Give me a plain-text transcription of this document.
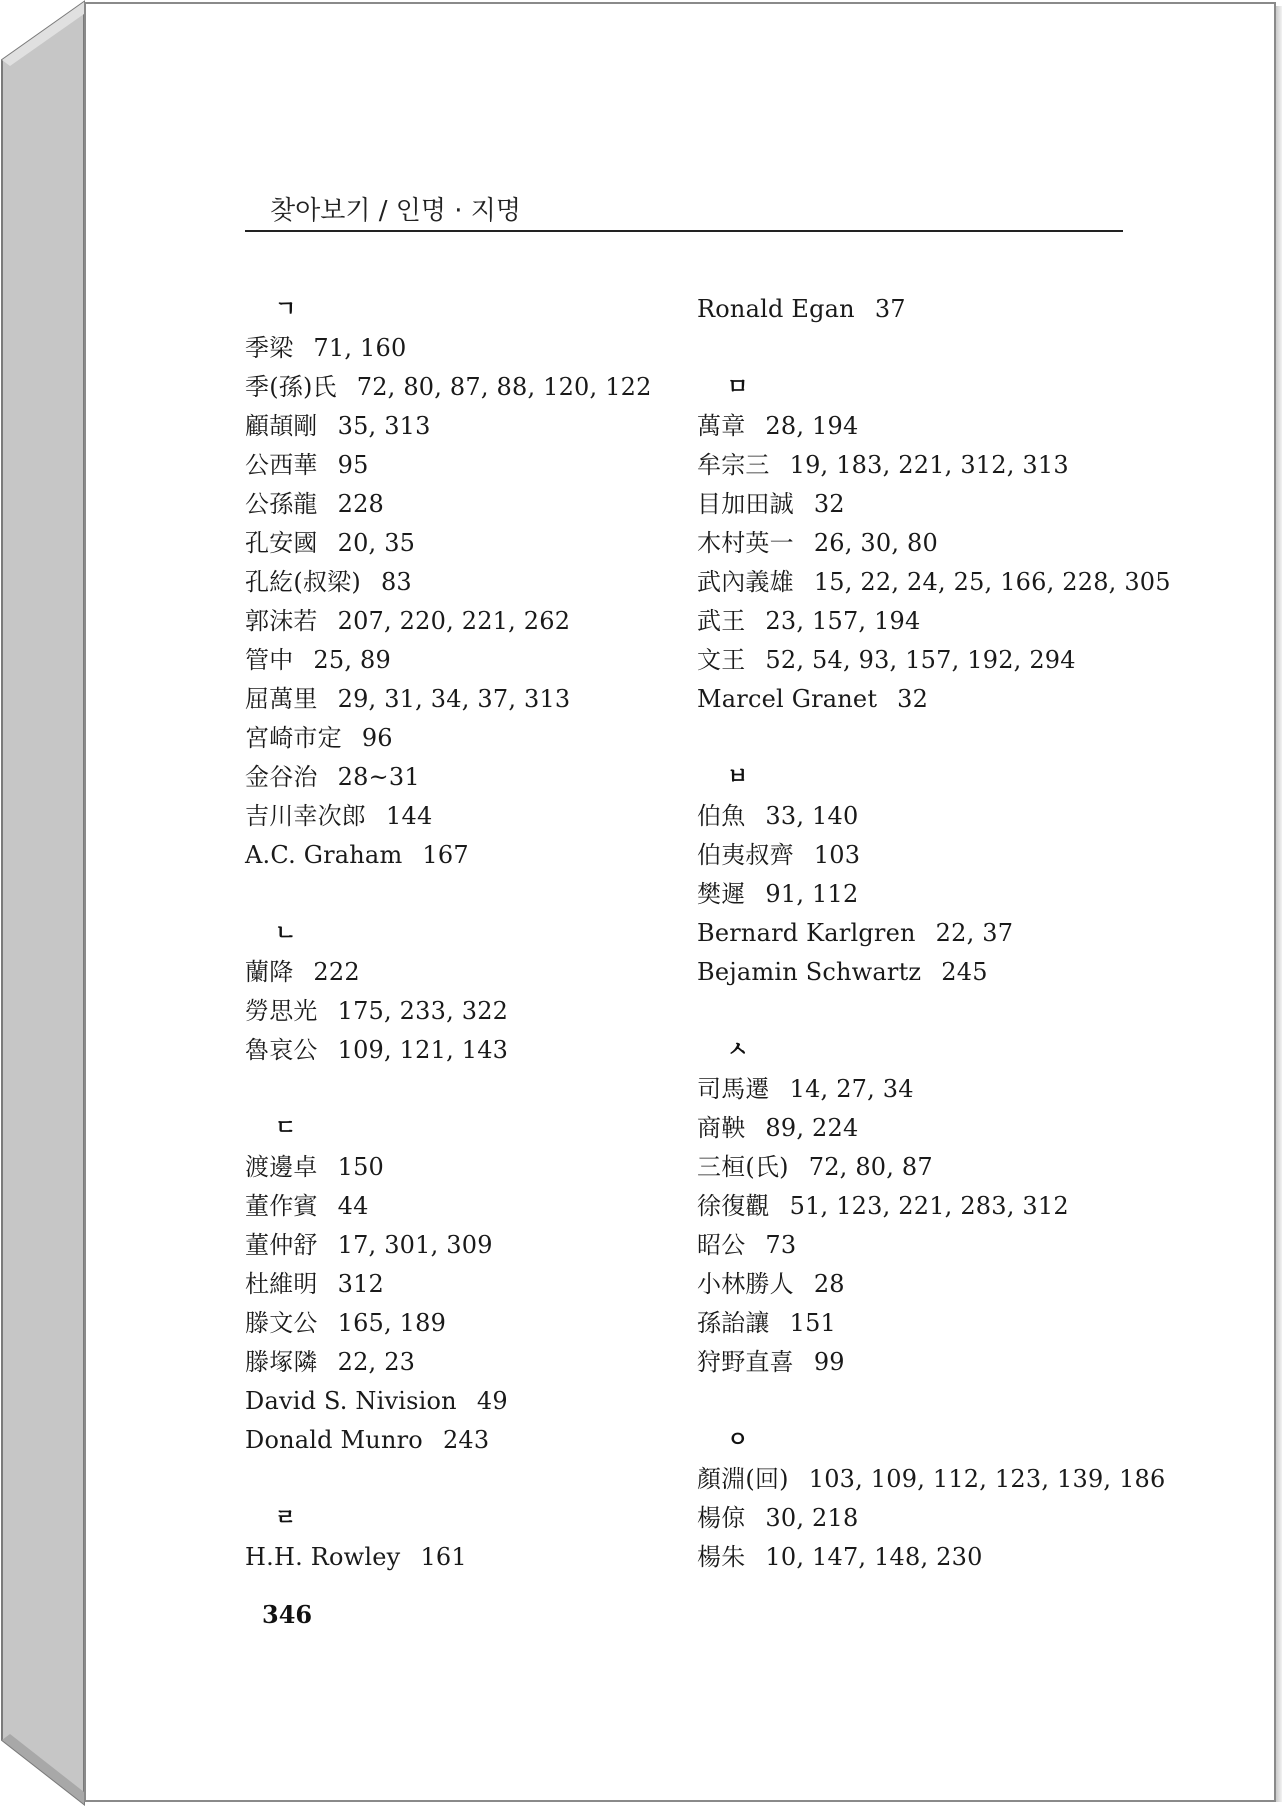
찾아보기 / 인명 · 지명
ㄱ
季梁 71, 160
季(孫)氏 72, 80, 87, 88, 120, 122
顧頡剛 35, 313
公西華 95
公孫龍 228
孔安國 20, 35
孔紇(叔梁) 83
郭沫若 207, 220, 221, 262
管中 25, 89
屈萬里 29, 31, 34, 37, 313
宮崎市定 96
金谷治 28~31
吉川幸次郎 144
A.C. Graham 167
ㄴ
蘭降 222
勞思光 175, 233, 322
魯哀公 109, 121, 143
ㄷ
渡邊卓 150
董作賓 44
董仲舒 17, 301, 309
杜維明 312
滕文公 165, 189
滕塚隣 22, 23
David S. Nivision 49
Donald Munro 243
ㄹ
H.H. Rowley 161
Ronald Egan 37
ㅁ
萬章 28, 194
牟宗三 19, 183, 221, 312, 313
目加田誠 32
木村英一 26, 30, 80
武內義雄 15, 22, 24, 25, 166, 228, 305
武王 23, 157, 194
文王 52, 54, 93, 157, 192, 294
Marcel Granet 32
ㅂ
伯魚 33, 140
伯夷叔齊 103
樊遲 91, 112
Bernard Karlgren 22, 37
Bejamin Schwartz 245
ㅅ
司馬遷 14, 27, 34
商鞅 89, 224
三桓(氏) 72, 80, 87
徐復觀 51, 123, 221, 283, 312
昭公 73
小林勝人 28
孫詒讓 151
狩野直喜 99
ㅇ
顏淵(回) 103, 109, 112, 123, 139, 186
楊倞 30, 218
楊朱 10, 147, 148, 230
346
